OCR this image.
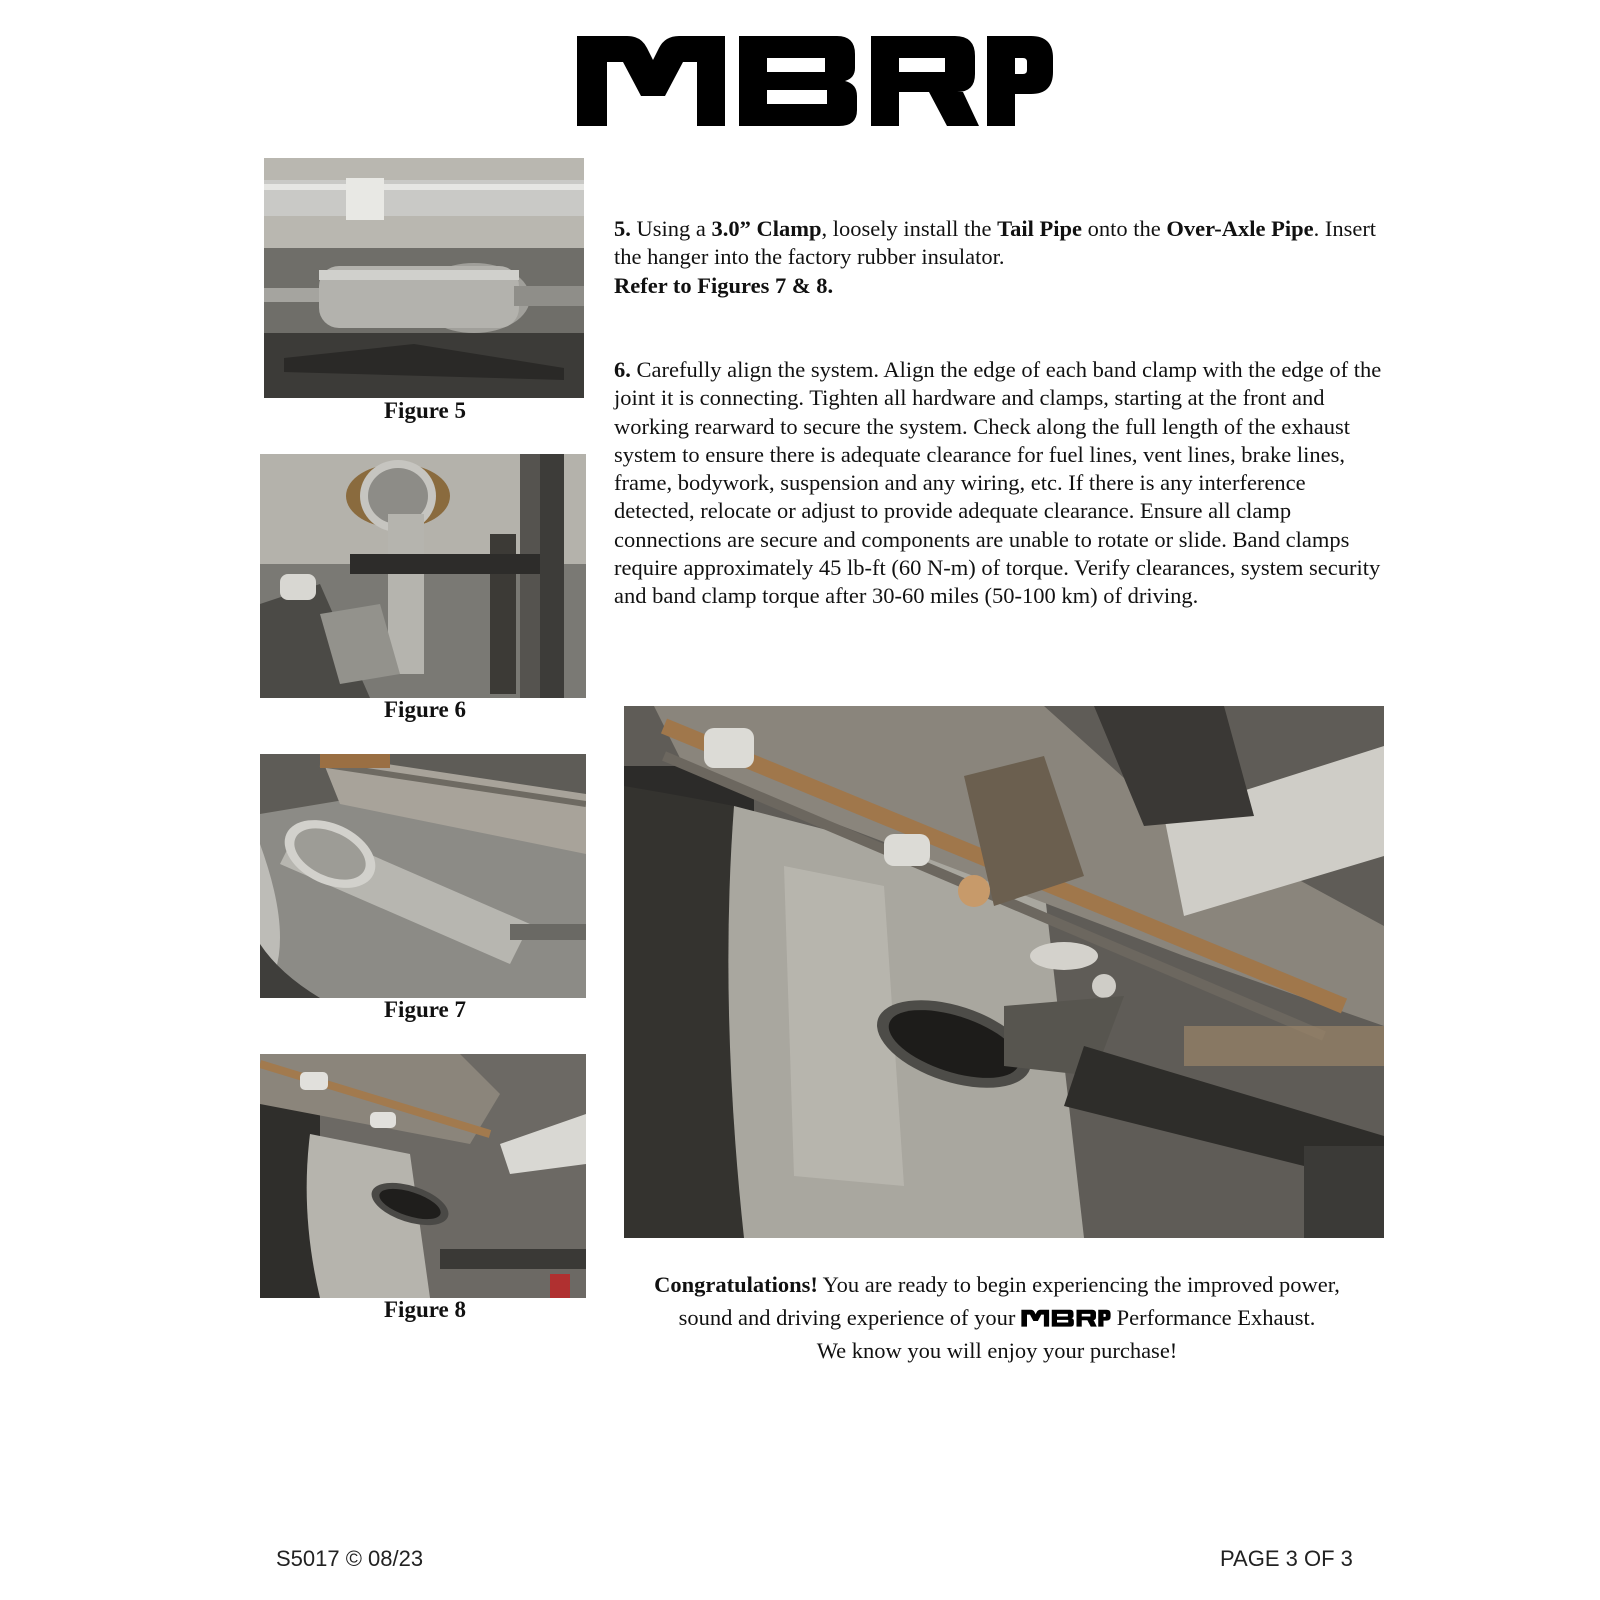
Figure 5
Figure 6
Figure 7
Figure 8
5. Using a 3.0” Clamp, loosely install the Tail Pipe onto the Over-Axle Pipe. Insert the hanger into the factory rubber insulator.
Refer to Figures 7 & 8.
6. Carefully align the system. Align the edge of each band clamp with the edge of the joint it is connecting. Tighten all hardware and clamps, starting at the front and working rearward to secure the system. Check along the full length of the exhaust system to ensure there is adequate clearance for fuel lines, vent lines, brake lines, frame, bodywork, suspension and any wiring, etc. If there is any interference detected, relocate or adjust to provide adequate clearance. Ensure all clamp connections are secure and components are unable to rotate or slide. Band clamps require approximately 45 lb-ft (60 N-m) of torque. Verify clearances, system security and band clamp torque after 30-60 miles (50-100 km) of driving.
Congratulations! You are ready to begin experiencing the improved power,
sound and driving experience of your	Performance Exhaust.
We know you will enjoy your purchase!
S5017 © 08/23	PAGE 3 OF 3
